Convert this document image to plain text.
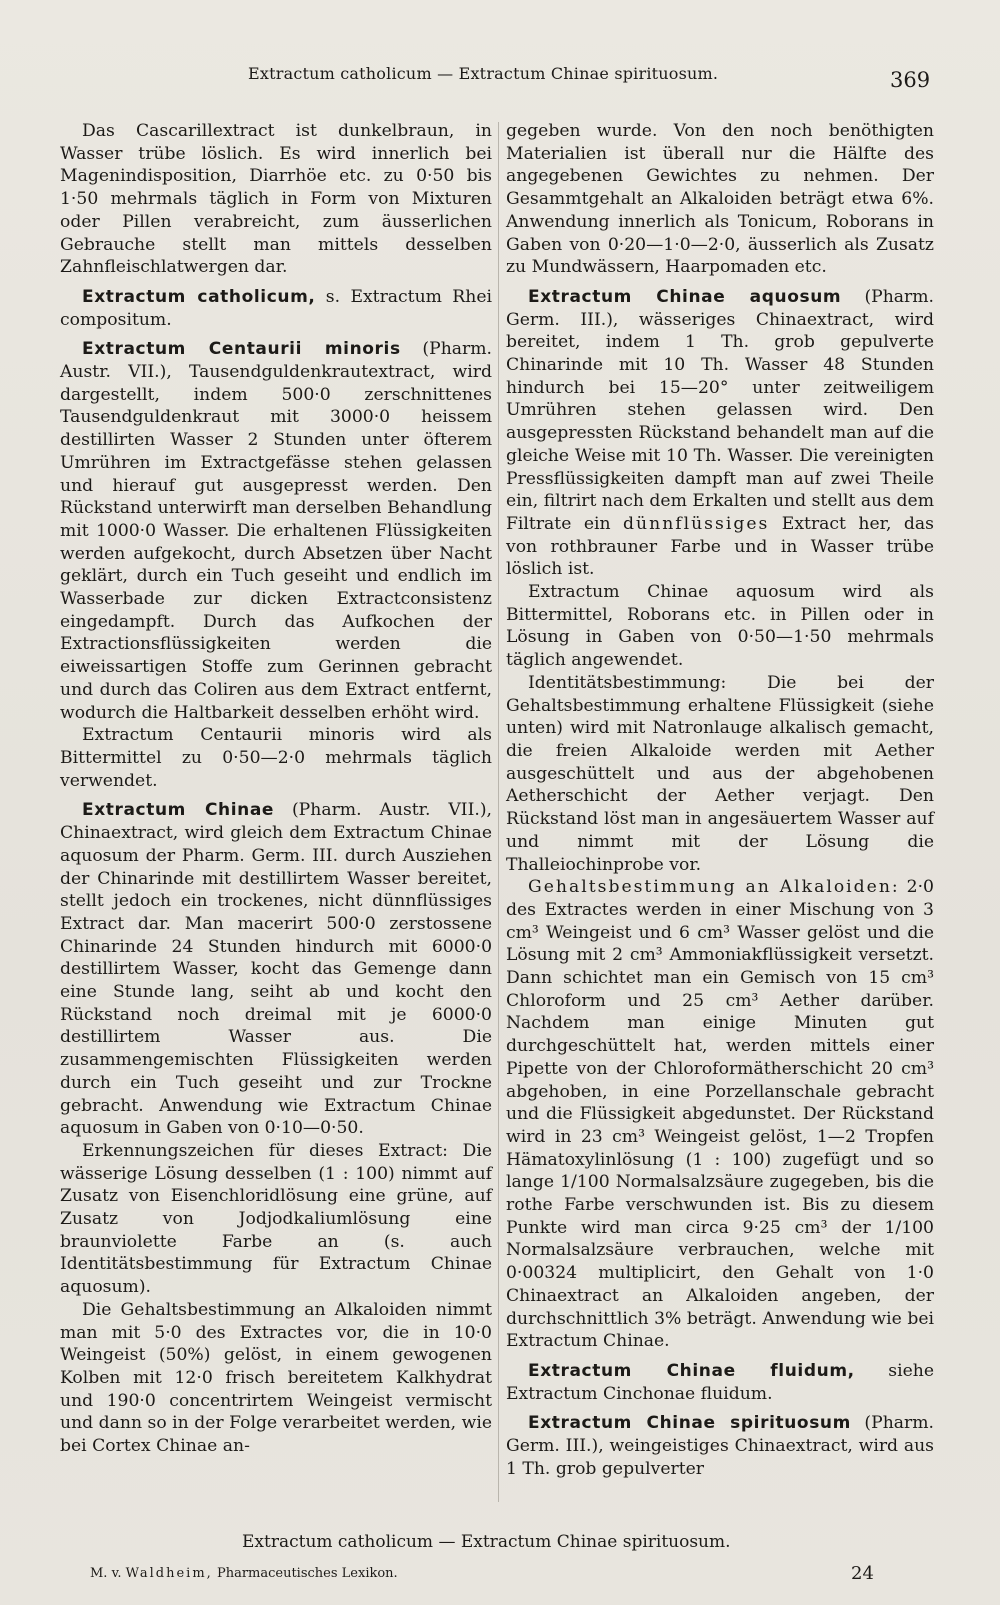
Extractum catholicum — Extractum Chinae spirituosum.	369

Das Cascarillextract ist dunkelbraun, in Wasser trübe löslich. Es wird innerlich bei Magenindisposition, Diarrhöe etc. zu 0·50 bis 1·50 mehrmals täglich in Form von Mixturen oder Pillen verabreicht, zum äusserlichen Gebrauche stellt man mittels desselben Zahnfleischlatwergen dar.

Extractum catholicum, s. Extractum Rhei compositum.

Extractum Centaurii minoris (Pharm. Austr. VII.), Tausendguldenkrautextract, wird dargestellt, indem 500·0 zerschnittenes Tausendguldenkraut mit 3000·0 heissem destillirten Wasser 2 Stunden unter öfterem Umrühren im Extractgefässe stehen gelassen und hierauf gut ausgepresst werden. Den Rückstand unterwirft man derselben Behandlung mit 1000·0 Wasser. Die erhaltenen Flüssigkeiten werden aufgekocht, durch Absetzen über Nacht geklärt, durch ein Tuch geseiht und endlich im Wasserbade zur dicken Extractconsistenz eingedampft. Durch das Aufkochen der Extractionsflüssigkeiten werden die eiweissartigen Stoffe zum Gerinnen gebracht und durch das Coliren aus dem Extract entfernt, wodurch die Haltbarkeit desselben erhöht wird.

Extractum Centaurii minoris wird als Bittermittel zu 0·50—2·0 mehrmals täglich verwendet.

Extractum Chinae (Pharm. Austr. VII.), Chinaextract, wird gleich dem Extractum Chinae aquosum der Pharm. Germ. III. durch Ausziehen der Chinarinde mit destillirtem Wasser bereitet, stellt jedoch ein trockenes, nicht dünnflüssiges Extract dar. Man macerirt 500·0 zerstossene Chinarinde 24 Stunden hindurch mit 6000·0 destillirtem Wasser, kocht das Gemenge dann eine Stunde lang, seiht ab und kocht den Rückstand noch dreimal mit je 6000·0 destillirtem Wasser aus. Die zusammengemischten Flüssigkeiten werden durch ein Tuch geseiht und zur Trockne gebracht. Anwendung wie Extractum Chinae aquosum in Gaben von 0·10—0·50.

Erkennungszeichen für dieses Extract: Die wässerige Lösung desselben (1 : 100) nimmt auf Zusatz von Eisenchloridlösung eine grüne, auf Zusatz von Jodjodkaliumlösung eine braunviolette Farbe an (s. auch Identitätsbestimmung für Extractum Chinae aquosum).

Die Gehaltsbestimmung an Alkaloiden nimmt man mit 5·0 des Extractes vor, die in 10·0 Weingeist (50%) gelöst, in einem gewogenen Kolben mit 12·0 frisch bereitetem Kalkhydrat und 190·0 concentrirtem Weingeist vermischt und dann so in der Folge verarbeitet werden, wie bei Cortex Chinae an-

gegeben wurde. Von den noch benöthigten Materialien ist überall nur die Hälfte des angegebenen Gewichtes zu nehmen. Der Gesammtgehalt an Alkaloiden beträgt etwa 6%. Anwendung innerlich als Tonicum, Roborans in Gaben von 0·20—1·0—2·0, äusserlich als Zusatz zu Mundwässern, Haarpomaden etc.

Extractum Chinae aquosum (Pharm. Germ. III.), wässeriges Chinaextract, wird bereitet, indem 1 Th. grob gepulverte Chinarinde mit 10 Th. Wasser 48 Stunden hindurch bei 15—20° unter zeitweiligem Umrühren stehen gelassen wird. Den ausgepressten Rückstand behandelt man auf die gleiche Weise mit 10 Th. Wasser. Die vereinigten Pressflüssigkeiten dampft man auf zwei Theile ein, filtrirt nach dem Erkalten und stellt aus dem Filtrate ein dünnflüssiges Extract her, das von rothbrauner Farbe und in Wasser trübe löslich ist.

Extractum Chinae aquosum wird als Bittermittel, Roborans etc. in Pillen oder in Lösung in Gaben von 0·50—1·50 mehrmals täglich angewendet.

Identitätsbestimmung: Die bei der Gehaltsbestimmung erhaltene Flüssigkeit (siehe unten) wird mit Natronlauge alkalisch gemacht, die freien Alkaloide werden mit Aether ausgeschüttelt und aus der abgehobenen Aetherschicht der Aether verjagt. Den Rückstand löst man in angesäuertem Wasser auf und nimmt mit der Lösung die Thalleiochinprobe vor.

Gehaltsbestimmung an Alkaloiden: 2·0 des Extractes werden in einer Mischung von 3 cm³ Weingeist und 6 cm³ Wasser gelöst und die Lösung mit 2 cm³ Ammoniakflüssigkeit versetzt. Dann schichtet man ein Gemisch von 15 cm³ Chloroform und 25 cm³ Aether darüber. Nachdem man einige Minuten gut durchgeschüttelt hat, werden mittels einer Pipette von der Chloroformätherschicht 20 cm³ abgehoben, in eine Porzellanschale gebracht und die Flüssigkeit abgedunstet. Der Rückstand wird in 23 cm³ Weingeist gelöst, 1—2 Tropfen Hämatoxylinlösung (1 : 100) zugefügt und so lange 1/100 Normalsalzsäure zugegeben, bis die rothe Farbe verschwunden ist. Bis zu diesem Punkte wird man circa 9·25 cm³ der 1/100 Normalsalzsäure verbrauchen, welche mit 0·00324 multiplicirt, den Gehalt von 1·0 Chinaextract an Alkaloiden angeben, der durchschnittlich 3% beträgt. Anwendung wie bei Extractum Chinae.

Extractum Chinae fluidum, siehe Extractum Cinchonae fluidum.

Extractum Chinae spirituosum (Pharm. Germ. III.), weingeistiges Chinaextract, wird aus 1 Th. grob gepulverter

Extractum catholicum — Extractum Chinae spirituosum.
M. v. Waldheim, Pharmaceutisches Lexikon.	24
